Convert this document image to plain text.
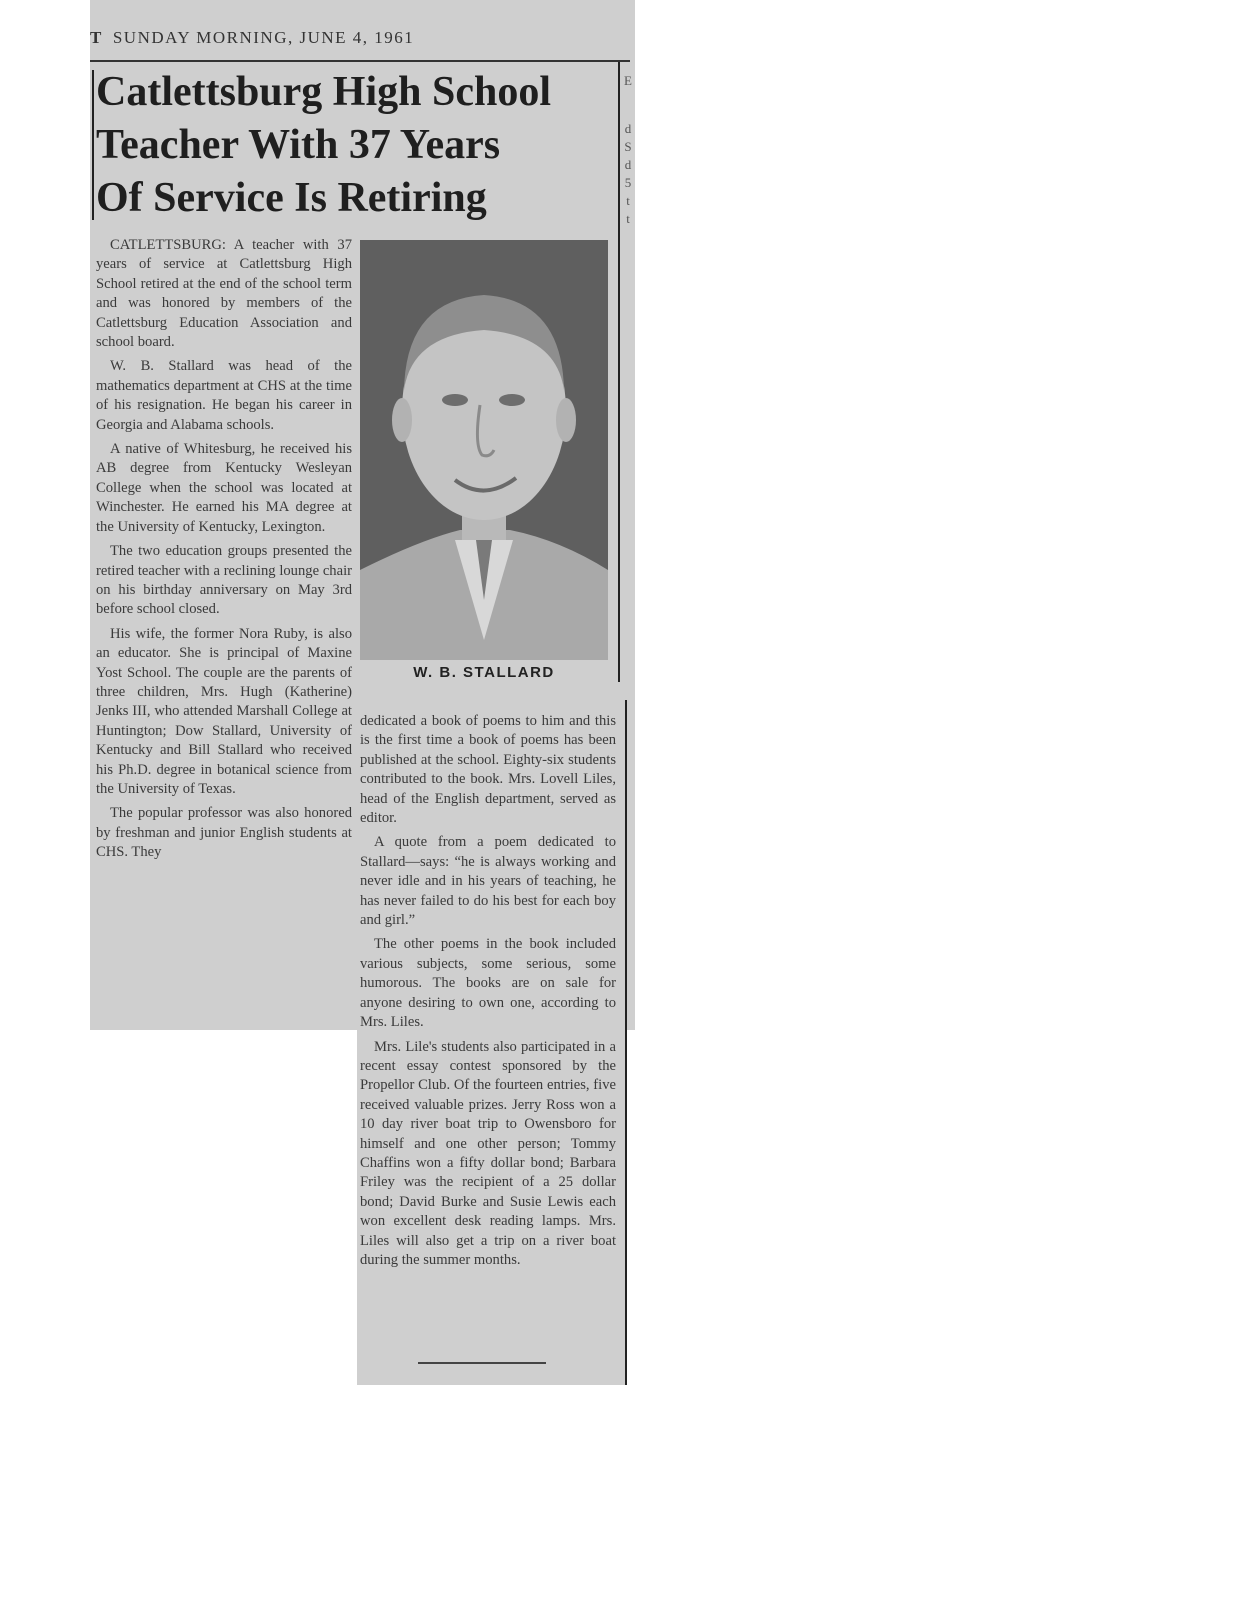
T SUNDAY MORNING, JUNE 4, 1961
E
d
S
d
5
t
t
Catlettsburg High School
Teacher With 37 Years
Of Service Is Retiring

CATLETTSBURG: A teacher with 37 years of service at Catlettsburg High School retired at the end of the school term and was honored by members of the Catlettsburg Education Association and school board.

W. B. Stallard was head of the mathematics department at CHS at the time of his resignation. He began his career in Georgia and Alabama schools.

A native of Whitesburg, he received his AB degree from Kentucky Wesleyan College when the school was located at Winchester. He earned his MA degree at the University of Kentucky, Lexington.

The two education groups presented the retired teacher with a reclining lounge chair on his birthday anniversary on May 3rd before school closed.

His wife, the former Nora Ruby, is also an educator. She is principal of Maxine Yost School. The couple are the parents of three children, Mrs. Hugh (Katherine) Jenks III, who attended Marshall College at Huntington; Dow Stallard, University of Kentucky and Bill Stallard who received his Ph.D. degree in botanical science from the University of Texas.

The popular professor was also honored by freshman and junior English students at CHS. They

W. B. STALLARD

dedicated a book of poems to him and this is the first time a book of poems has been published at the school. Eighty-six students contributed to the book. Mrs. Lovell Liles, head of the English department, served as editor.

A quote from a poem dedicated to Stallard—says: “he is always working and never idle and in his years of teaching, he has never failed to do his best for each boy and girl.”

The other poems in the book included various subjects, some serious, some humorous. The books are on sale for anyone desiring to own one, according to Mrs. Liles.

Mrs. Lile's students also participated in a recent essay contest sponsored by the Propellor Club. Of the fourteen entries, five received valuable prizes. Jerry Ross won a 10 day river boat trip to Owensboro for himself and one other person; Tommy Chaffins won a fifty dollar bond; Barbara Friley was the recipient of a 25 dollar bond; David Burke and Susie Lewis each won excellent desk reading lamps. Mrs. Liles will also get a trip on a river boat during the summer months.
